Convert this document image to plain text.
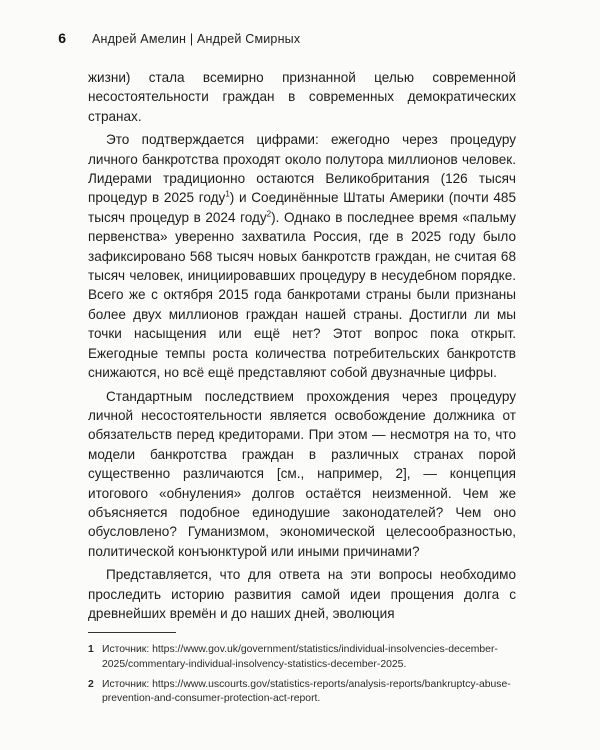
6 Андрей Амелин | Андрей Смирных

жизни) стала всемирно признанной целью современной несостоятельности граждан в современных демократических странах.

Это подтверждается цифрами: ежегодно через процедуру личного банкротства проходят около полутора миллионов человек. Лидерами традиционно остаются Великобритания (126 тысяч процедур в 2025 году$^1$) и Соединённые Штаты Америки (почти 485 тысяч процедур в 2024 году$^2$). Однако в последнее время «пальму первенства» уверенно захватила Россия, где в 2025 году было зафиксировано 568 тысяч новых банкротств граждан, не считая 68 тысяч человек, инициировавших процедуру в несудебном порядке. Всего же с октября 2015 года банкротами страны были признаны более двух миллионов граждан нашей страны. Достигли ли мы точки насыщения или ещё нет? Этот вопрос пока открыт. Ежегодные темпы роста количества потребительских банкротств снижаются, но всё ещё представляют собой двузначные цифры.

Стандартным последствием прохождения через процедуру личной несостоятельности является освобождение должника от обязательств перед кредиторами. При этом — несмотря на то, что модели банкротства граждан в различных странах порой существенно различаются [см., например, 2], — концепция итогового «обнуления» долгов остаётся неизменной. Чем же объясняется подобное единодушие законодателей? Чем оно обусловлено? Гуманизмом, экономической целесообразностью, политической конъюнктурой или иными причинами?

Представляется, что для ответа на эти вопросы необходимо проследить историю развития самой идеи прощения долга с древнейших времён и до наших дней, эволюция

1 Источник: https://www.gov.uk/government/statistics/individual-insolvencies-december-2025/commentary-individual-insolvency-statistics-december-2025.
2 Источник: https://www.uscourts.gov/statistics-reports/analysis-reports/bankruptcy-abuse-prevention-and-consumer-protection-act-report.
